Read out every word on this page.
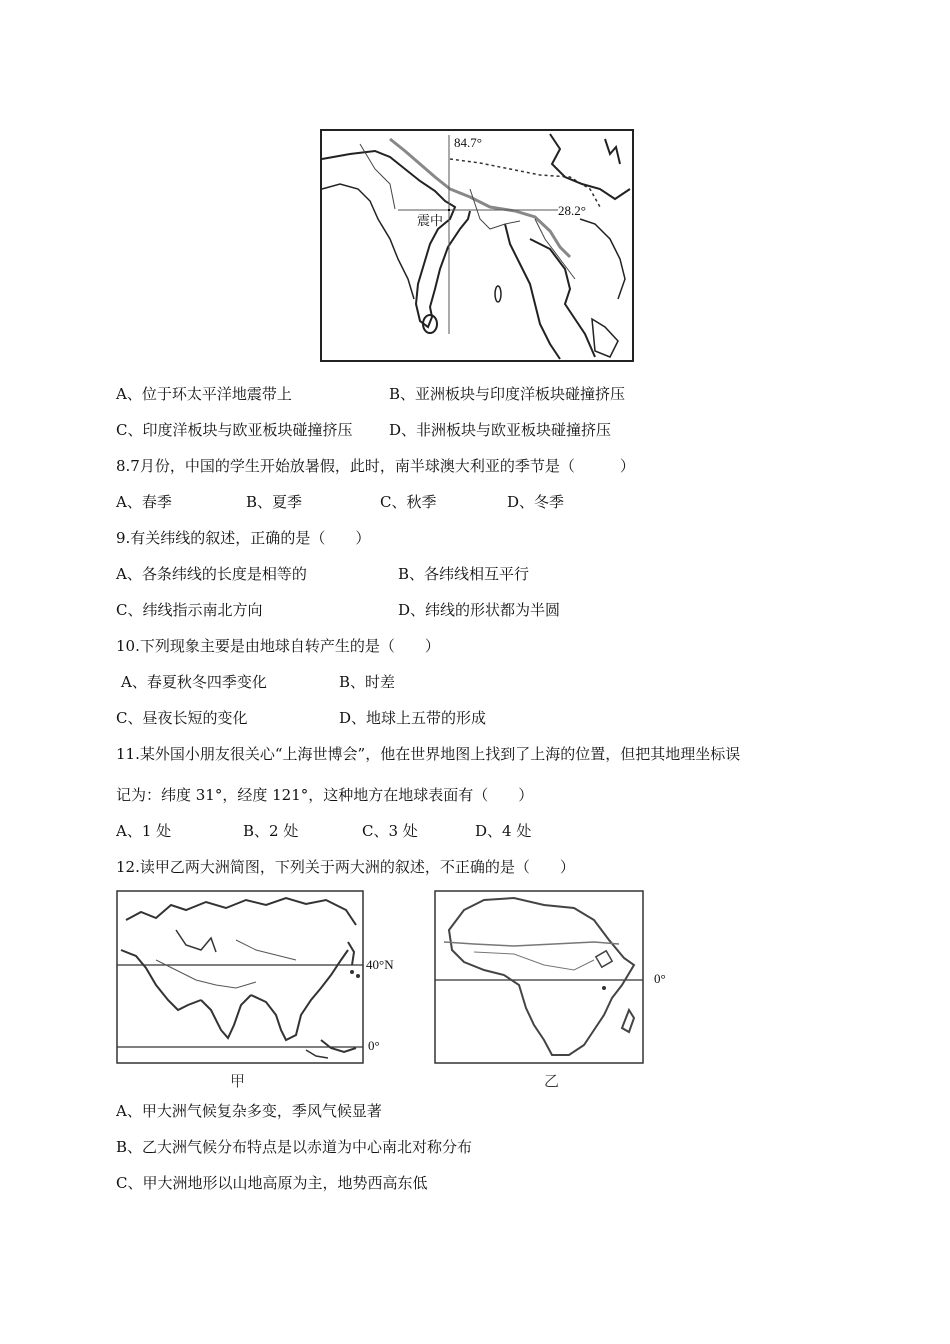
84.7°
28.2°
震中
A、位于环太平洋地震带上	B、亚洲板块与印度洋板块碰撞挤压
C、印度洋板块与欧亚板块碰撞挤压 D、非洲板块与欧亚板块碰撞挤压
8.7月份，中国的学生开始放暑假，此时，南半球澳大利亚的季节是（　　　）
A、春季	B、夏季	C、秋季	D、冬季
9.有关纬线的叙述，正确的是（　　）
A、各条纬线的长度是相等的	B、各纬线相互平行
C、纬线指示南北方向	D、纬线的形状都为半圆
10.下列现象主要是由地球自转产生的是（　　）
A、春夏秋冬四季变化	B、时差
C、昼夜长短的变化	D、地球上五带的形成
11.某外国小朋友很关心“上海世博会”，他在世界地图上找到了上海的位置，但把其地理坐标误
记为：纬度 31°，经度 121°，这种地方在地球表面有（　　）
A、1 处	B、2 处	C、3 处	D、4 处
12.读甲乙两大洲简图，下列关于两大洲的叙述，不正确的是（　　）
40°N
0°
甲
0°
乙
A、甲大洲气候复杂多变，季风气候显著
B、乙大洲气候分布特点是以赤道为中心南北对称分布
C、甲大洲地形以山地高原为主，地势西高东低
